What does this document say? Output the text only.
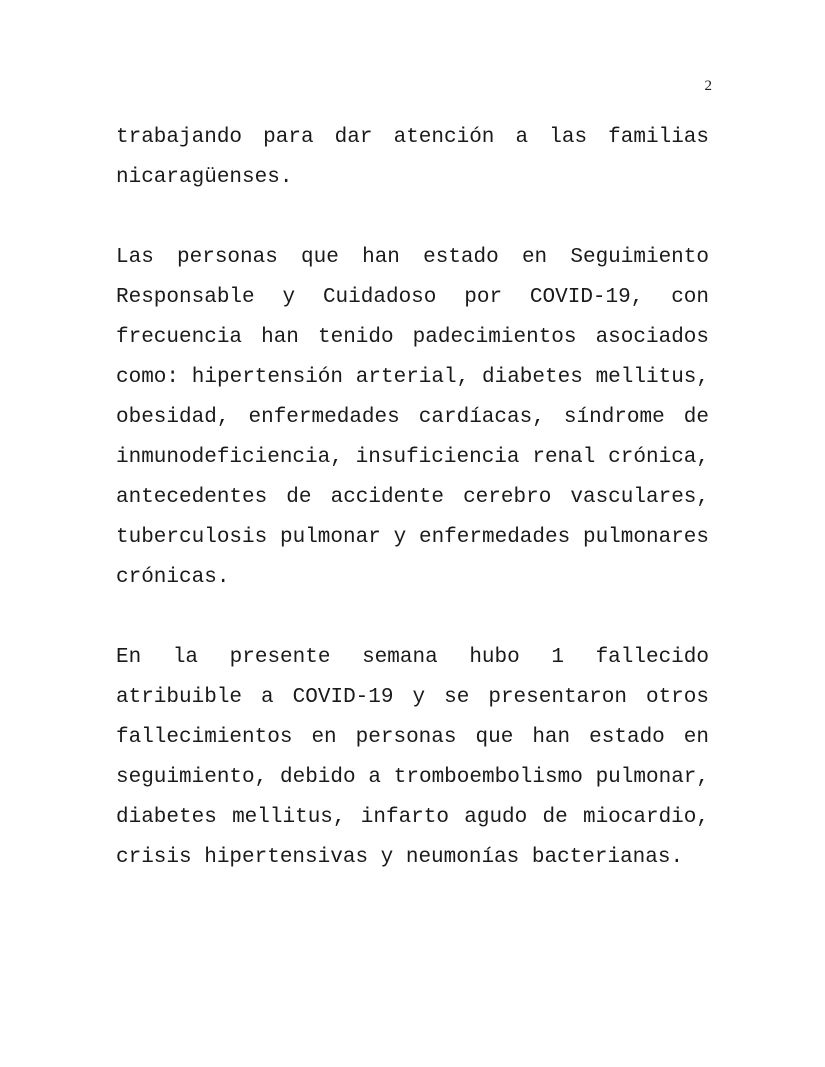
2

trabajando para dar atención a las familias nicaragüenses.

Las personas que han estado en Seguimiento Responsable y Cuidadoso por COVID-19, con frecuencia han tenido padecimientos asociados como: hipertensión arterial, diabetes mellitus, obesidad, enfermedades cardíacas, síndrome de inmunodeficiencia, insuficiencia renal crónica, antecedentes de accidente cerebro vasculares, tuberculosis pulmonar y enfermedades pulmonares crónicas.

En la presente semana hubo 1 fallecido atribuible a COVID-19 y se presentaron otros fallecimientos en personas que han estado en seguimiento, debido a tromboembolismo pulmonar, diabetes mellitus, infarto agudo de miocardio, crisis hipertensivas y neumonías bacterianas.
